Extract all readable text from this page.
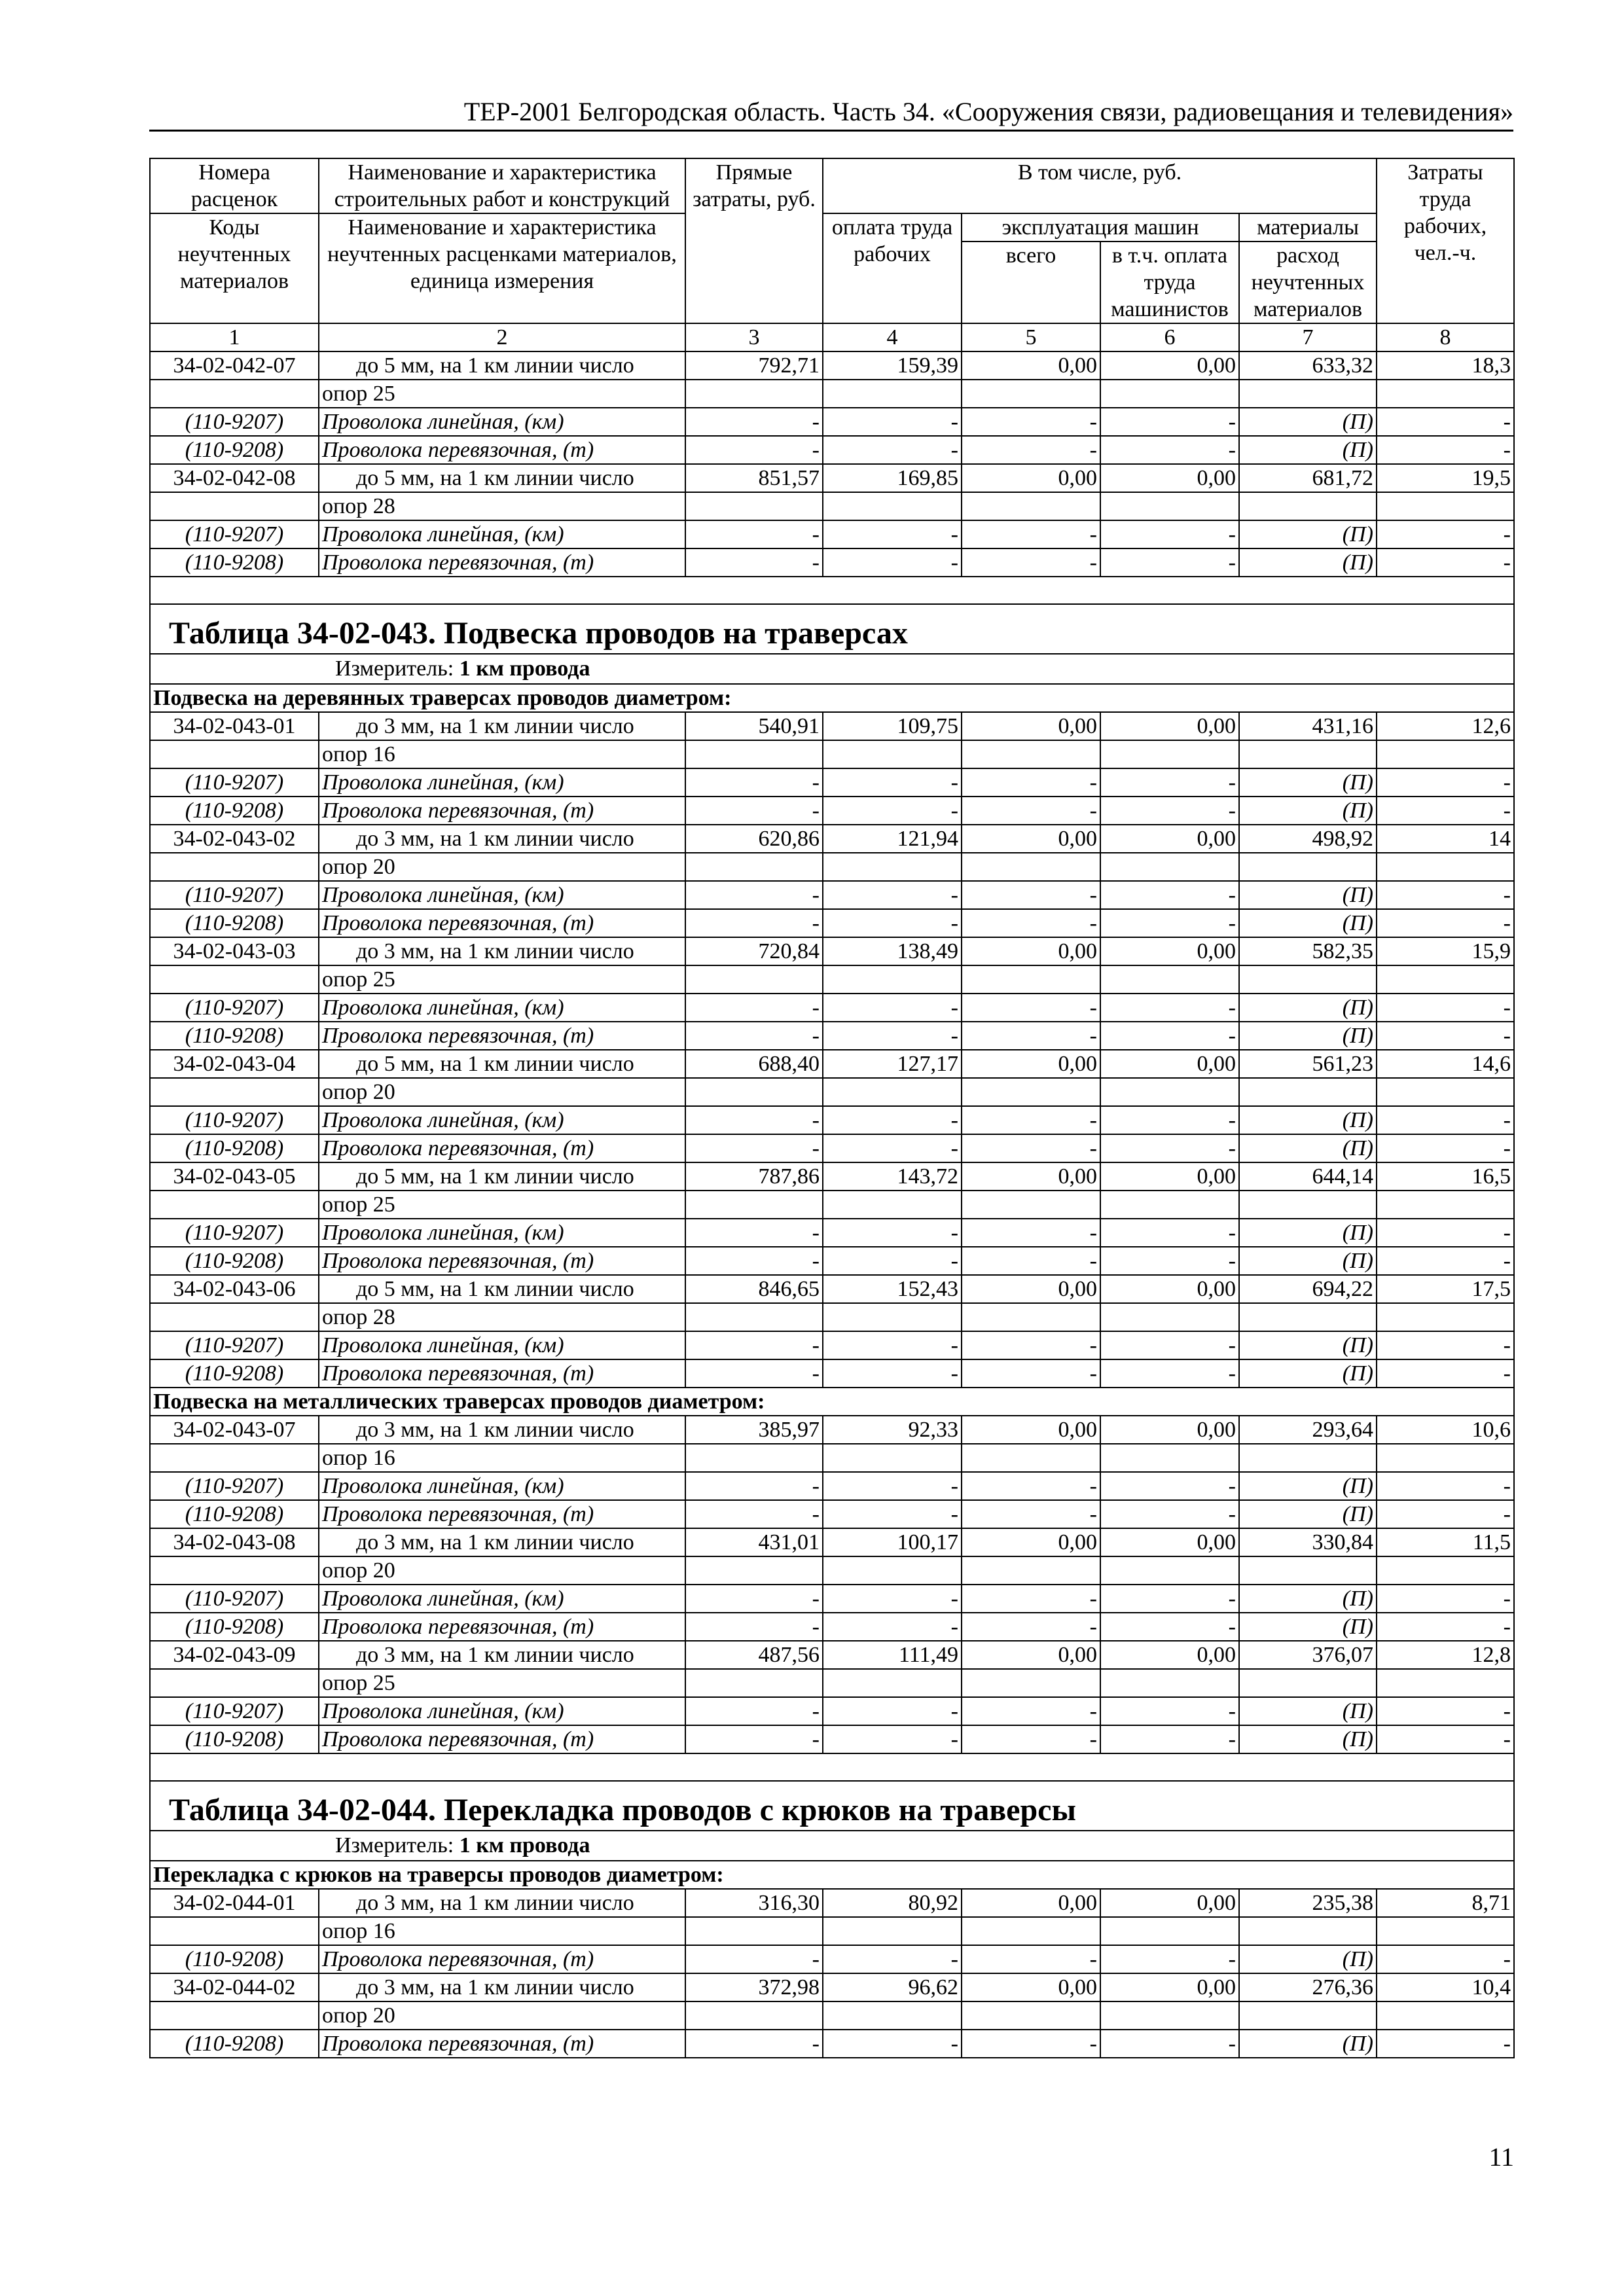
ТЕР-2001 Белгородская область. Часть 34. «Сооружения связи, радиовещания и телевидения»
Номера расценок	Наименование и характеристика строительных работ и конструкций	Прямые затраты, руб.	В том числе, руб.				Затраты труда рабочих, чел.-ч.
Коды неучтенных материалов	Наименование и характеристика неучтенных расценками материалов, единица измерения		оплата труда рабочих	эксплуатация машин		материалы	
				всего	в т.ч. оплата труда машинистов	расход неучтенных материалов	

1	2	3	4	5	6	7	8
34-02-042-07	до 5 мм, на 1 км линии число	792,71	159,39	0,00	0,00	633,32	18,3
	опор 25						
(110-9207)	Проволока линейная, (км)	-	-	-	-	(П)	-
(110-9208)	Проволока перевязочная, (т)	-	-	-	-	(П)	-
34-02-042-08	до 5 мм, на 1 км линии число	851,57	169,85	0,00	0,00	681,72	19,5
	опор 28						
(110-9207)	Проволока линейная, (км)	-	-	-	-	(П)	-
(110-9208)	Проволока перевязочная, (т)	-	-	-	-	(П)	-

Таблица 34-02-043. Подвеска проводов на траверсах							
Измеритель: 1 км провода							
Подвеска на деревянных траверсах проводов диаметром:							
34-02-043-01	до 3 мм, на 1 км линии число	540,91	109,75	0,00	0,00	431,16	12,6
	опор 16						
(110-9207)	Проволока линейная, (км)	-	-	-	-	(П)	-
(110-9208)	Проволока перевязочная, (т)	-	-	-	-	(П)	-
34-02-043-02	до 3 мм, на 1 км линии число	620,86	121,94	0,00	0,00	498,92	14
	опор 20						
(110-9207)	Проволока линейная, (км)	-	-	-	-	(П)	-
(110-9208)	Проволока перевязочная, (т)	-	-	-	-	(П)	-
34-02-043-03	до 3 мм, на 1 км линии число	720,84	138,49	0,00	0,00	582,35	15,9
	опор 25						
(110-9207)	Проволока линейная, (км)	-	-	-	-	(П)	-
(110-9208)	Проволока перевязочная, (т)	-	-	-	-	(П)	-
34-02-043-04	до 5 мм, на 1 км линии число	688,40	127,17	0,00	0,00	561,23	14,6
	опор 20						
(110-9207)	Проволока линейная, (км)	-	-	-	-	(П)	-
(110-9208)	Проволока перевязочная, (т)	-	-	-	-	(П)	-
34-02-043-05	до 5 мм, на 1 км линии число	787,86	143,72	0,00	0,00	644,14	16,5
	опор 25						
(110-9207)	Проволока линейная, (км)	-	-	-	-	(П)	-
(110-9208)	Проволока перевязочная, (т)	-	-	-	-	(П)	-
34-02-043-06	до 5 мм, на 1 км линии число	846,65	152,43	0,00	0,00	694,22	17,5
	опор 28						
(110-9207)	Проволока линейная, (км)	-	-	-	-	(П)	-
(110-9208)	Проволока перевязочная, (т)	-	-	-	-	(П)	-
Подвеска на металлических траверсах проводов диаметром:							
34-02-043-07	до 3 мм, на 1 км линии число	385,97	92,33	0,00	0,00	293,64	10,6
	опор 16						
(110-9207)	Проволока линейная, (км)	-	-	-	-	(П)	-
(110-9208)	Проволока перевязочная, (т)	-	-	-	-	(П)	-
34-02-043-08	до 3 мм, на 1 км линии число	431,01	100,17	0,00	0,00	330,84	11,5
	опор 20						
(110-9207)	Проволока линейная, (км)	-	-	-	-	(П)	-
(110-9208)	Проволока перевязочная, (т)	-	-	-	-	(П)	-
34-02-043-09	до 3 мм, на 1 км линии число	487,56	111,49	0,00	0,00	376,07	12,8
	опор 25						
(110-9207)	Проволока линейная, (км)	-	-	-	-	(П)	-
(110-9208)	Проволока перевязочная, (т)	-	-	-	-	(П)	-

Таблица 34-02-044. Перекладка проводов с крюков на траверсы							
Измеритель: 1 км провода							
Перекладка с крюков на траверсы проводов диаметром:							
34-02-044-01	до 3 мм, на 1 км линии число	316,30	80,92	0,00	0,00	235,38	8,71
	опор 16						
(110-9208)	Проволока перевязочная, (т)	-	-	-	-	(П)	-
34-02-044-02	до 3 мм, на 1 км линии число	372,98	96,62	0,00	0,00	276,36	10,4
	опор 20						
(110-9208)	Проволока перевязочная, (т)	-	-	-	-	(П)	-
11
